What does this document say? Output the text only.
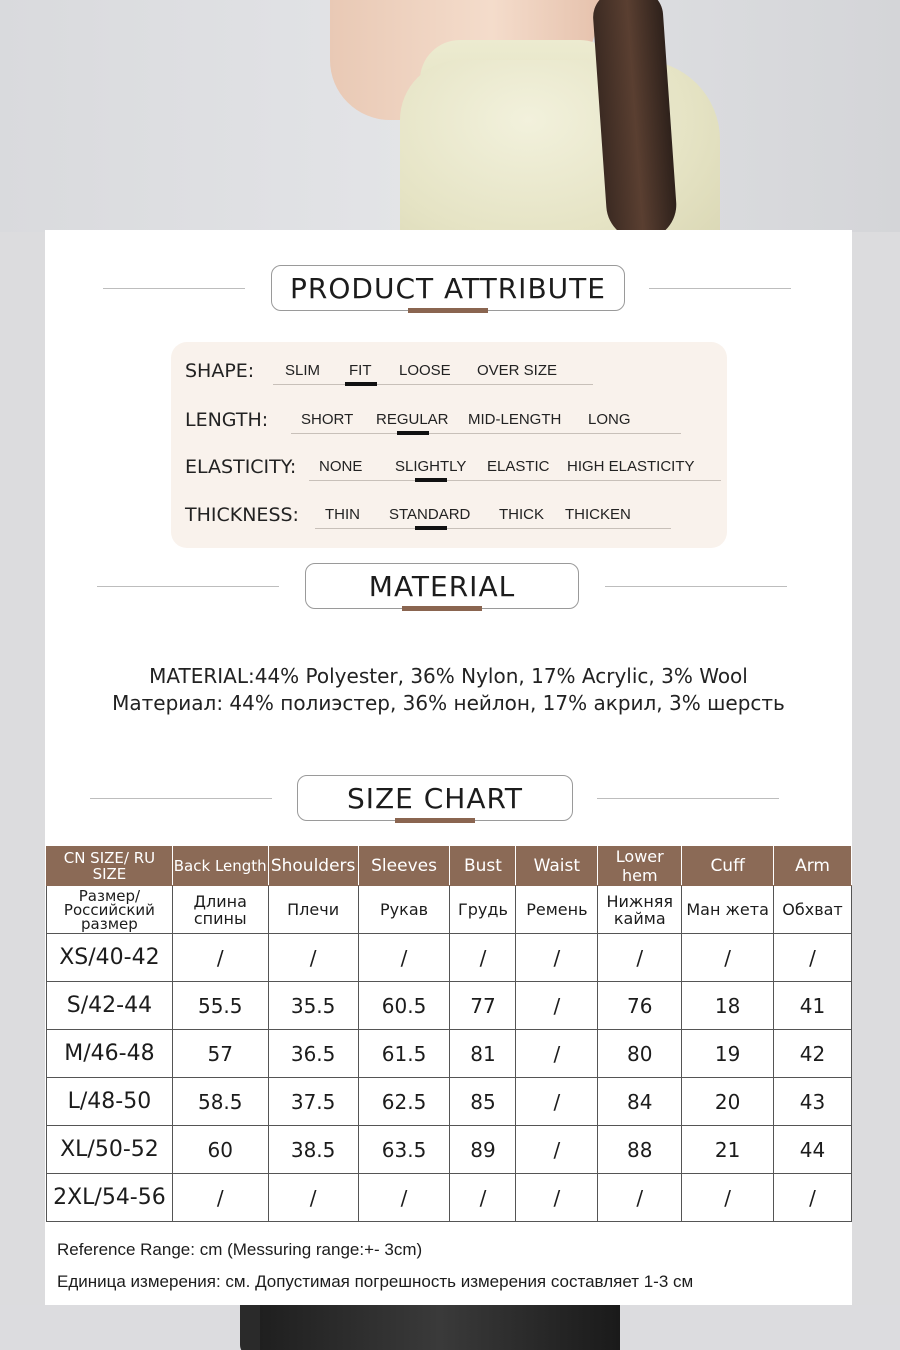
PRODUCT ATTRIBUTE
SHAPE: SLIM FIT LOOSE OVER SIZE
LENGTH: SHORT REGULAR MID-LENGTH LONG
ELASTICITY: NONE SLIGHTLY ELASTIC HIGH ELASTICITY
THICKNESS: THIN STANDARD THICK THICKEN
MATERIAL
MATERIAL:44% Polyester, 36% Nylon, 17% Acrylic, 3% Wool
Материал: 44% полиэстер, 36% нейлон, 17% акрил, 3% шерсть
SIZE CHART
CN SIZE/ RU SIZE	Back Length	Shoulders	Sleeves	Bust	Waist	Lower hem	Cuff	Arm
Размер/ Российский размер	Длина спины	Плечи	Рукав	Грудь	Ремень	Нижняя кайма	Ман жета	Обхват
XS/40-42	/	/	/	/	/	/	/	/
S/42-44	55.5	35.5	60.5	77	/	76	18	41
M/46-48	57	36.5	61.5	81	/	80	19	42
L/48-50	58.5	37.5	62.5	85	/	84	20	43
XL/50-52	60	38.5	63.5	89	/	88	21	44
2XL/54-56	/	/	/	/	/	/	/	/
Reference Range: cm (Messuring range:+- 3cm)
Единица измерения: см. Допустимая погрешность измерения составляет 1-3 см
